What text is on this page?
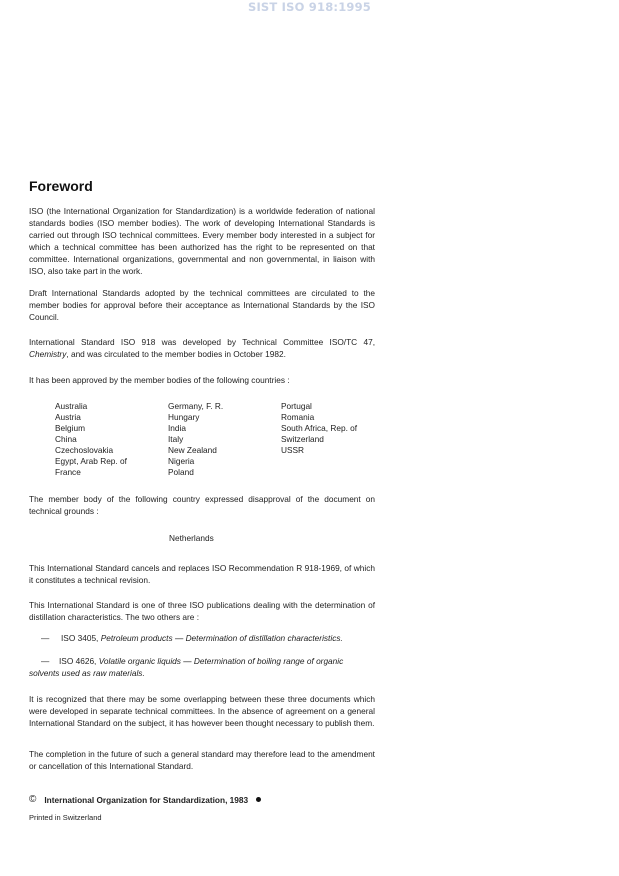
SIST ISO 918:1995
Foreword

ISO (the International Organization for Standardization) is a worldwide federation of national standards bodies (ISO member bodies). The work of developing International Standards is carried out through ISO technical committees. Every member body interested in a subject for which a technical committee has been authorized has the right to be represented on that committee. International organizations, governmental and non governmental, in liaison with ISO, also take part in the work.

Draft International Standards adopted by the technical committees are circulated to the member bodies for approval before their acceptance as International Standards by the ISO Council.

International Standard ISO 918 was developed by Technical Committee ISO/TC 47, Chemistry, and was circulated to the member bodies in October 1982.

It has been approved by the member bodies of the following countries :

Australia
Austria
Belgium
China
Czechoslovakia
Egypt, Arab Rep. of
France
Germany, F. R.
Hungary
India
Italy
New Zealand
Nigeria
Poland
Portugal
Romania
South Africa, Rep. of
Switzerland
USSR

The member body of the following country expressed disapproval of the document on technical grounds :

Netherlands

This International Standard cancels and replaces ISO Recommendation R 918-1969, of which it constitutes a technical revision.

This International Standard is one of three ISO publications dealing with the determination of distillation characteristics. The two others are :

— ISO 3405, Petroleum products — Determination of distillation characteristics.
—	ISO 4626, Volatile organic liquids — Determination of boiling range of organic solvents used as raw materials.

It is recognized that there may be some overlapping between these three documents which were developed in separate technical committees. In the absence of agreement on a general International Standard on the subject, it has however been thought necessary to publish them.

The completion in the future of such a general standard may therefore lead to the amendment or cancellation of this International Standard.

© International Organization for Standardization, 1983
Printed in Switzerland
